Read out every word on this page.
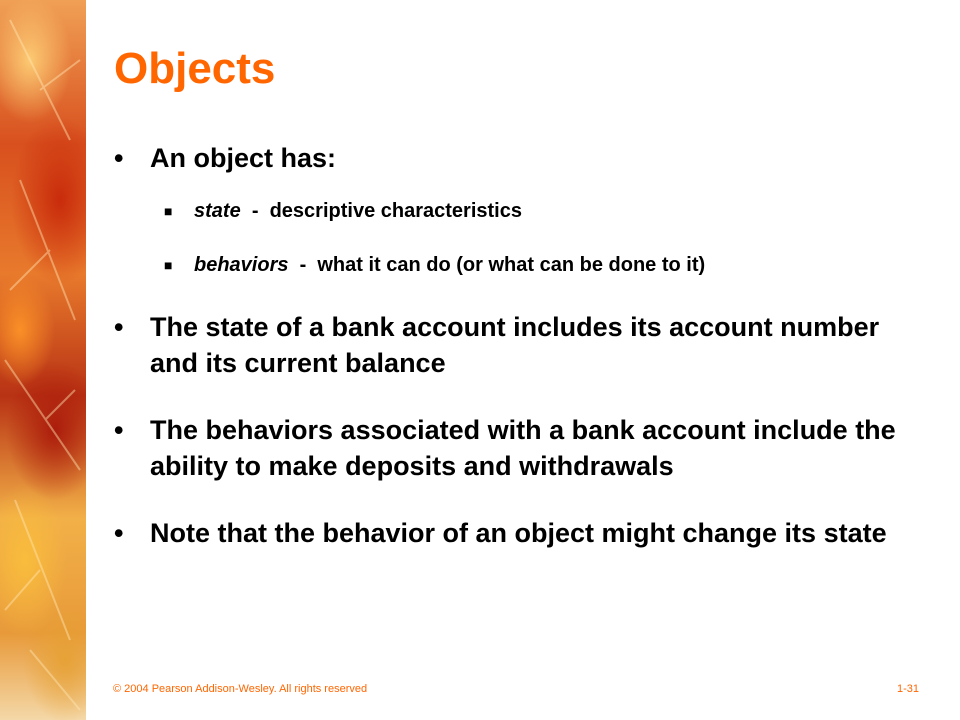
Objects
• An object has:
■ state  -  descriptive characteristics
■ behaviors  -  what it can do (or what can be done to it)
• The state of a bank account includes its account number and its current balance
• The behaviors associated with a bank account include the ability to make deposits and withdrawals
• Note that the behavior of an object might change its state
© 2004 Pearson Addison-Wesley. All rights reserved	1-31
